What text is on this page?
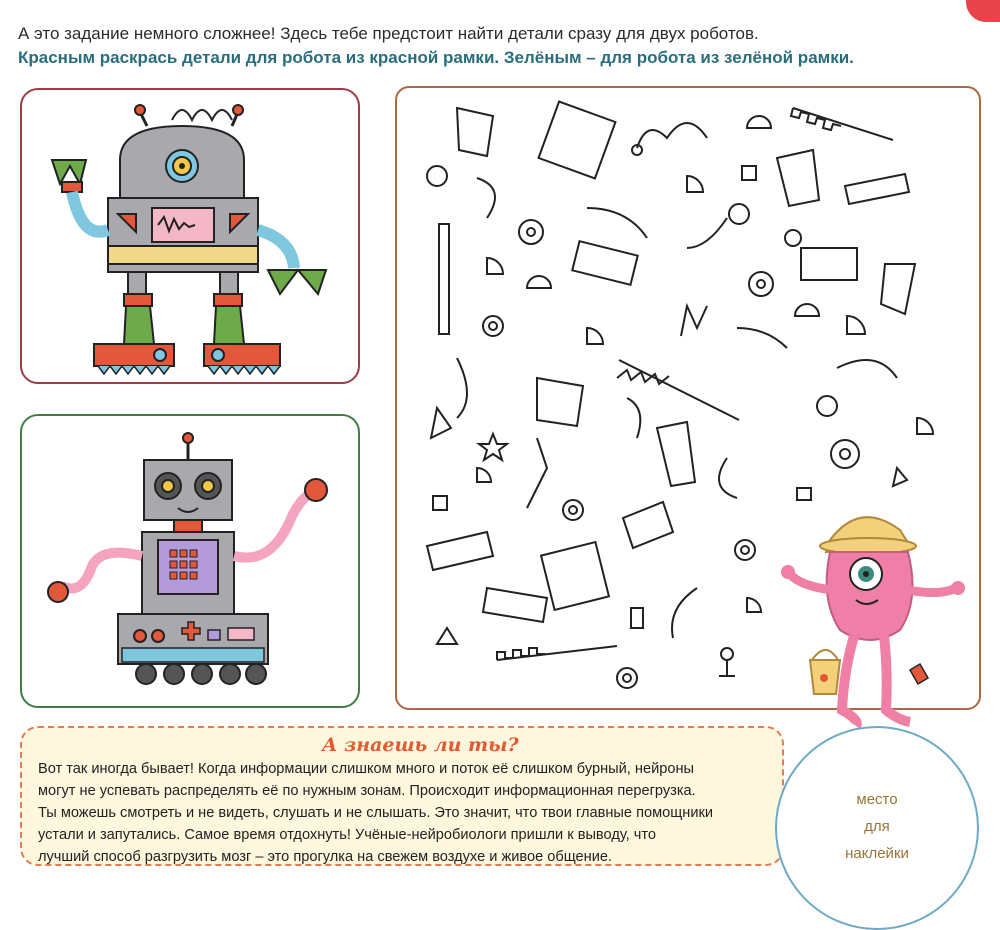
А это задание немного сложнее! Здесь тебе предстоит найти детали сразу для двух роботов.
Красным раскрась детали для робота из красной рамки. Зелёным – для робота из зелёной рамки.
А знаешь ли ты?
Вот так иногда бывает! Когда информации слишком много и поток её слишком бурный, нейроны
могут не успевать распределять её по нужным зонам. Происходит информационная перегрузка.
Ты можешь смотреть и не видеть, слушать и не слышать. Это значит, что твои главные помощники
устали и запутались. Самое время отдохнуть! Учёные-нейробиологи пришли к выводу, что
лучший способ разгрузить мозг – это прогулка на свежем воздухе и живое общение.
место
для
наклейки
